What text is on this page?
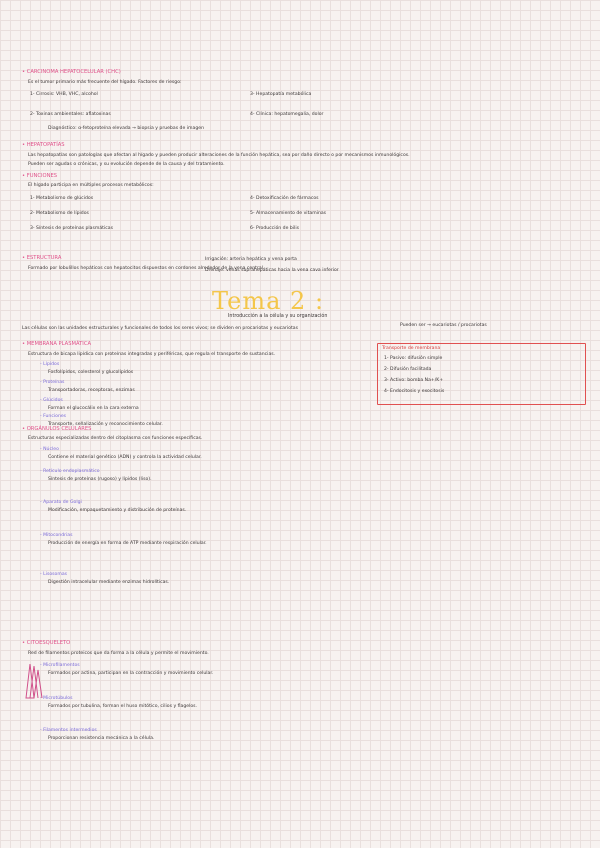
• CARCINOMA HEPATOCELULAR (CHC)
Es el tumor primario más frecuente del hígado. Factores de riesgo:
1- Cirrosis: VHB, VHC, alcohol
2- Toxinas ambientales: aflatoxinas
3- Hepatopatía metabólica
4- Clínica: hepatomegalia, dolor
Diagnóstico: α-fetoproteína elevada → biopsia y pruebas de imagen
• HEPATOPATÍAS
Las hepatopatías son patologías que afectan al hígado y pueden producir alteraciones de la función hepática, sea por daño directo o por mecanismos inmunológicos.
Pueden ser agudas o crónicas, y su evolución depende de la causa y del tratamiento.
• FUNCIONES
El hígado participa en múltiples procesos metabólicos:
1- Metabolismo de glúcidos
2- Metabolismo de lípidos
3- Síntesis de proteínas plasmáticas
4- Detoxificación de fármacos
5- Almacenamiento de vitaminas
6- Producción de bilis
• ESTRUCTURA
Formado por lobulillos hepáticos con hepatocitos dispuestos en cordones alrededor de la vena central.
Irrigación: arteria hepática y vena porta
Drenaje: venas suprahepáticas hacia la vena cava inferior
Tema 2 :
Introducción a la célula y su organización
Las células son las unidades estructurales y funcionales de todos los seres vivos; se dividen en procariotas y eucariotas
Pueden ser → eucariotas / procariotas
• MEMBRANA PLASMÁTICA
Estructura de bicapa lipídica con proteínas integradas y periféricas, que regula el transporte de sustancias.
- Lípidos
Fosfolípidos, colesterol y glucolípidos
- Proteínas
Transportadoras, receptoras, enzimas
- Glúcidos
Forman el glucocálix en la cara externa
- Funciones
Transporte, señalización y reconocimiento celular.
Transporte de membrana
1- Pasivo: difusión simple
2- Difusión facilitada
3- Activo: bomba Na+/K+
4- Endocitosis y exocitosis
• ORGÁNULOS CELULARES
Estructuras especializadas dentro del citoplasma con funciones específicas.
- Núcleo
Contiene el material genético (ADN) y controla la actividad celular.
- Retículo endoplasmático
Síntesis de proteínas (rugoso) y lípidos (liso).
- Aparato de Golgi
Modificación, empaquetamiento y distribución de proteínas.
- Mitocondrias
Producción de energía en forma de ATP mediante respiración celular.
- Lisosomas
Digestión intracelular mediante enzimas hidrolíticas.
• CITOESQUELETO
Red de filamentos proteicos que da forma a la célula y permite el movimiento.
- Microfilamentos
Formados por actina, participan en la contracción y movimiento celular.
- Microtúbulos
Formados por tubulina, forman el huso mitótico, cilios y flagelos.
- Filamentos intermedios
Proporcionan resistencia mecánica a la célula.
